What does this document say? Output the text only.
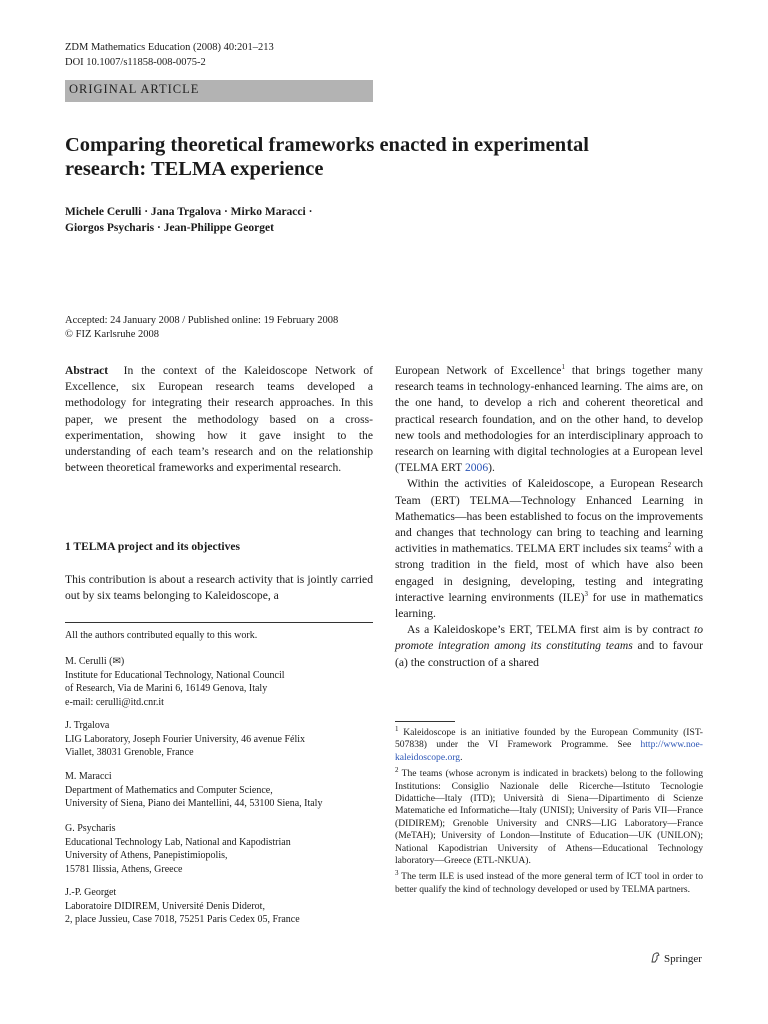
ZDM Mathematics Education (2008) 40:201–213
DOI 10.1007/s11858-008-0075-2
ORIGINAL ARTICLE
Comparing theoretical frameworks enacted in experimental
research: TELMA experience
Michele Cerulli · Jana Trgalova · Mirko Maracci ·
Giorgos Psycharis · Jean-Philippe Georget
Accepted: 24 January 2008 / Published online: 19 February 2008
© FIZ Karlsruhe 2008
Abstract In the context of the Kaleidoscope Network of Excellence, six European research teams developed a methodology for integrating their research approaches. In this paper, we present the methodology based on a cross-experimentation, showing how it gave insight to the understanding of each team’s research and on the relationship between theoretical frameworks and experimental research.
1 TELMA project and its objectives
This contribution is about a research activity that is jointly carried out by six teams belonging to Kaleidoscope, a
All the authors contributed equally to this work.
M. Cerulli (✉)
Institute for Educational Technology, National Council
of Research, Via de Marini 6, 16149 Genova, Italy
e-mail: cerulli@itd.cnr.it
J. Trgalova
LIG Laboratory, Joseph Fourier University, 46 avenue Félix
Viallet, 38031 Grenoble, France
M. Maracci
Department of Mathematics and Computer Science,
University of Siena, Piano dei Mantellini, 44, 53100 Siena, Italy
G. Psycharis
Educational Technology Lab, National and Kapodistrian
University of Athens, Panepistimiopolis,
15781 Ilissia, Athens, Greece
J.-P. Georget
Laboratoire DIDIREM, Université Denis Diderot,
2, place Jussieu, Case 7018, 75251 Paris Cedex 05, France

European Network of Excellence$^1$ that brings together many research teams in technology-enhanced learning. The aims are, on the one hand, to develop a rich and coherent theoretical and practical research foundation, and on the other hand, to develop new tools and methodologies for an interdisciplinary approach to research on learning with digital technologies at a European level (TELMA ERT 2006).

Within the activities of Kaleidoscope, a European Research Team (ERT) TELMA—Technology Enhanced Learning in Mathematics—has been established to focus on the improvements and changes that technology can bring to teaching and learning activities in mathematics. TELMA ERT includes six teams$^2$ with a strong tradition in the field, most of which have also been engaged in designing, developing, testing and integrating interactive learning environments (ILE)$^3$ for use in mathematics learning.

As a Kaleidoskope’s ERT, TELMA first aim is by contract to promote integration among its constituting teams and to favour (a) the construction of a shared

$^1$ Kaleidoscope is an initiative founded by the European Community (IST-507838) under the VI Framework Programme. See http://www.noe-kaleidoscope.org.

$^2$ The teams (whose acronym is indicated in brackets) belong to the following Institutions: Consiglio Nazionale delle Ricerche—Istituto Tecnologie Didattiche—Italy (ITD); Università di Siena—Dipartimento di Scienze Matematiche ed Informatiche—Italy (UNISI); University of Paris VII—France (DIDIREM); Grenoble University and CNRS—LIG Laboratory—France (MeTAH); University of London—Institute of Education—UK (UNILON); National Kapodistrian University of Athens—Educational Technology laboratory—Greece (ETL-NKUA).

$^3$ The term ILE is used instead of the more general term of ICT tool in order to better qualify the kind of technology developed or used by TELMA partners.

Springer
